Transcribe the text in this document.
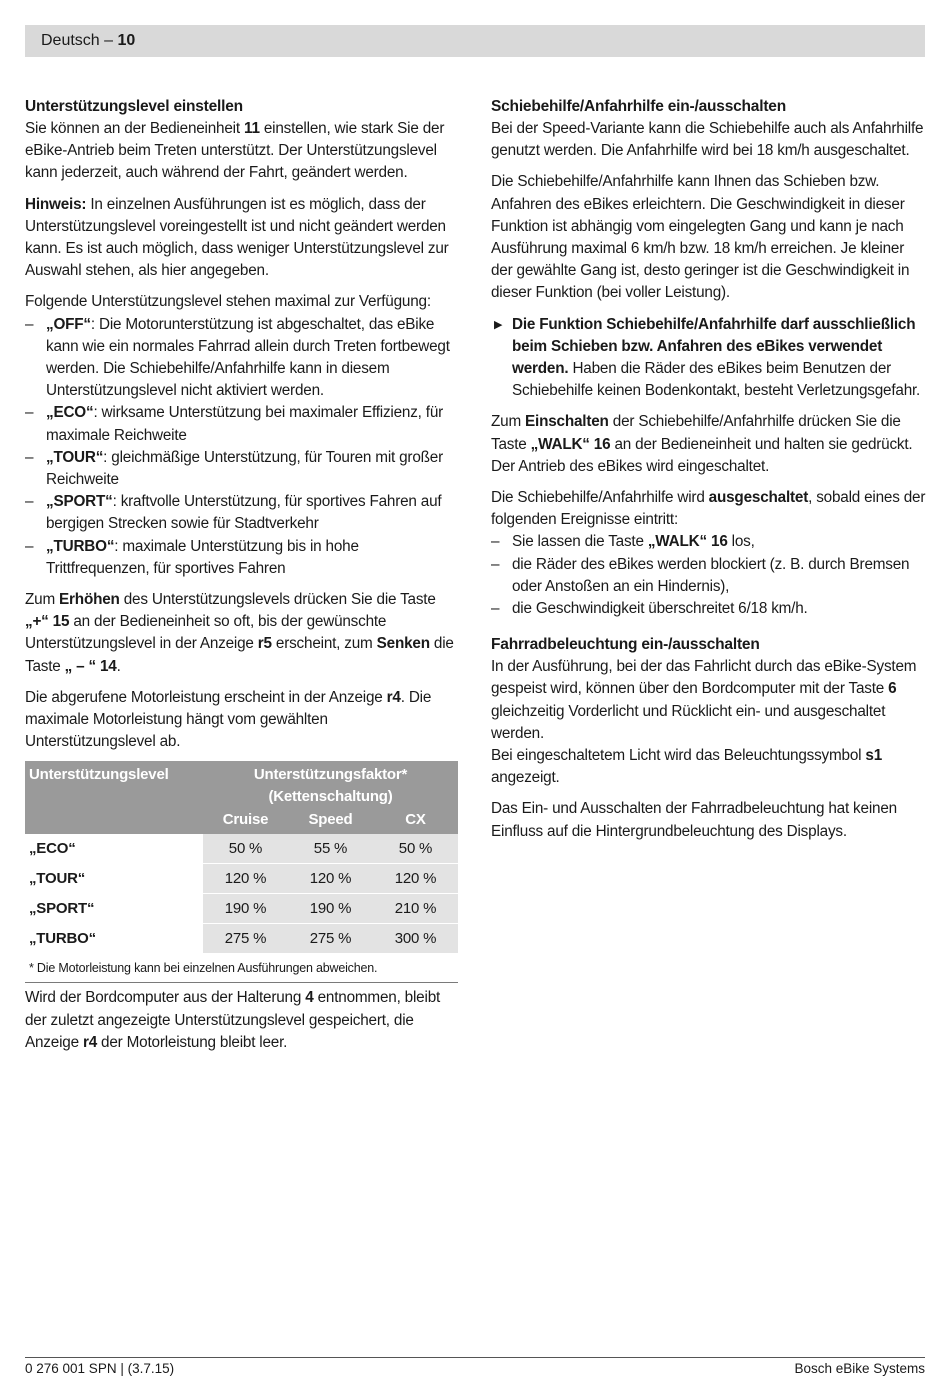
Deutsch – 10
Unterstützungslevel einstellen

Sie können an der Bedieneinheit 11 einstellen, wie stark Sie der eBike-Antrieb beim Treten unterstützt. Der Unterstützungslevel kann jederzeit, auch während der Fahrt, geändert werden.

Hinweis: In einzelnen Ausführungen ist es möglich, dass der Unterstützungslevel voreingestellt ist und nicht geändert werden kann. Es ist auch möglich, dass weniger Unterstützungslevel zur Auswahl stehen, als hier angegeben.

Folgende Unterstützungslevel stehen maximal zur Verfügung:
– „OFF“: Die Motorunterstützung ist abgeschaltet, das eBike kann wie ein normales Fahrrad allein durch Treten fortbewegt werden. Die Schiebehilfe/Anfahrhilfe kann in diesem Unterstützungslevel nicht aktiviert werden.
– „ECO“: wirksame Unterstützung bei maximaler Effizienz, für maximale Reichweite
– „TOUR“: gleichmäßige Unterstützung, für Touren mit großer Reichweite
– „SPORT“: kraftvolle Unterstützung, für sportives Fahren auf bergigen Strecken sowie für Stadtverkehr
– „TURBO“: maximale Unterstützung bis in hohe Trittfrequenzen, für sportives Fahren

Zum Erhöhen des Unterstützungslevels drücken Sie die Taste „+“ 15 an der Bedieneinheit so oft, bis der gewünschte Unterstützungslevel in der Anzeige r5 erscheint, zum Senken die Taste „ – “ 14.

Die abgerufene Motorleistung erscheint in der Anzeige r4. Die maximale Motorleistung hängt vom gewählten Unterstützungslevel ab.

Unterstützungslevel	Unterstützungsfaktor* (Kettenschaltung)		
	Cruise	Speed	CX
„ECO“	50 %	55 %	50 %
„TOUR“	120 %	120 %	120 %
„SPORT“	190 %	190 %	210 %
„TURBO“	275 %	275 %	300 %
* Die Motorleistung kann bei einzelnen Ausführungen abweichen.			

Wird der Bordcomputer aus der Halterung 4 entnommen, bleibt der zuletzt angezeigte Unterstützungslevel gespeichert, die Anzeige r4 der Motorleistung bleibt leer.

Schiebehilfe/Anfahrhilfe ein-/ausschalten

Bei der Speed-Variante kann die Schiebehilfe auch als Anfahrhilfe genutzt werden. Die Anfahrhilfe wird bei 18 km/h ausgeschaltet.

Die Schiebehilfe/Anfahrhilfe kann Ihnen das Schieben bzw. Anfahren des eBikes erleichtern. Die Geschwindigkeit in dieser Funktion ist abhängig vom eingelegten Gang und kann je nach Ausführung maximal 6 km/h bzw. 18 km/h erreichen. Je kleiner der gewählte Gang ist, desto geringer ist die Geschwindigkeit in dieser Funktion (bei voller Leistung).

▶ Die Funktion Schiebehilfe/Anfahrhilfe darf ausschließlich beim Schieben bzw. Anfahren des eBikes verwendet werden. Haben die Räder des eBikes beim Benutzen der Schiebehilfe keinen Bodenkontakt, besteht Verletzungsgefahr.

Zum Einschalten der Schiebehilfe/Anfahrhilfe drücken Sie die Taste „WALK“ 16 an der Bedieneinheit und halten sie gedrückt. Der Antrieb des eBikes wird eingeschaltet.

Die Schiebehilfe/Anfahrhilfe wird ausgeschaltet, sobald eines der folgenden Ereignisse eintritt:
– Sie lassen die Taste „WALK“ 16 los,
– die Räder des eBikes werden blockiert (z. B. durch Bremsen oder Anstoßen an ein Hindernis),
– die Geschwindigkeit überschreitet 6/18 km/h.
Fahrradbeleuchtung ein-/ausschalten
In der Ausführung, bei der das Fahrlicht durch das eBike-System gespeist wird, können über den Bordcomputer mit der Taste 6 gleichzeitig Vorderlicht und Rücklicht ein- und ausgeschaltet werden.

Bei eingeschaltetem Licht wird das Beleuchtungssymbol s1 angezeigt.

Das Ein- und Ausschalten der Fahrradbeleuchtung hat keinen Einfluss auf die Hintergrundbeleuchtung des Displays.

0 276 001 SPN | (3.7.15)	Bosch eBike Systems
